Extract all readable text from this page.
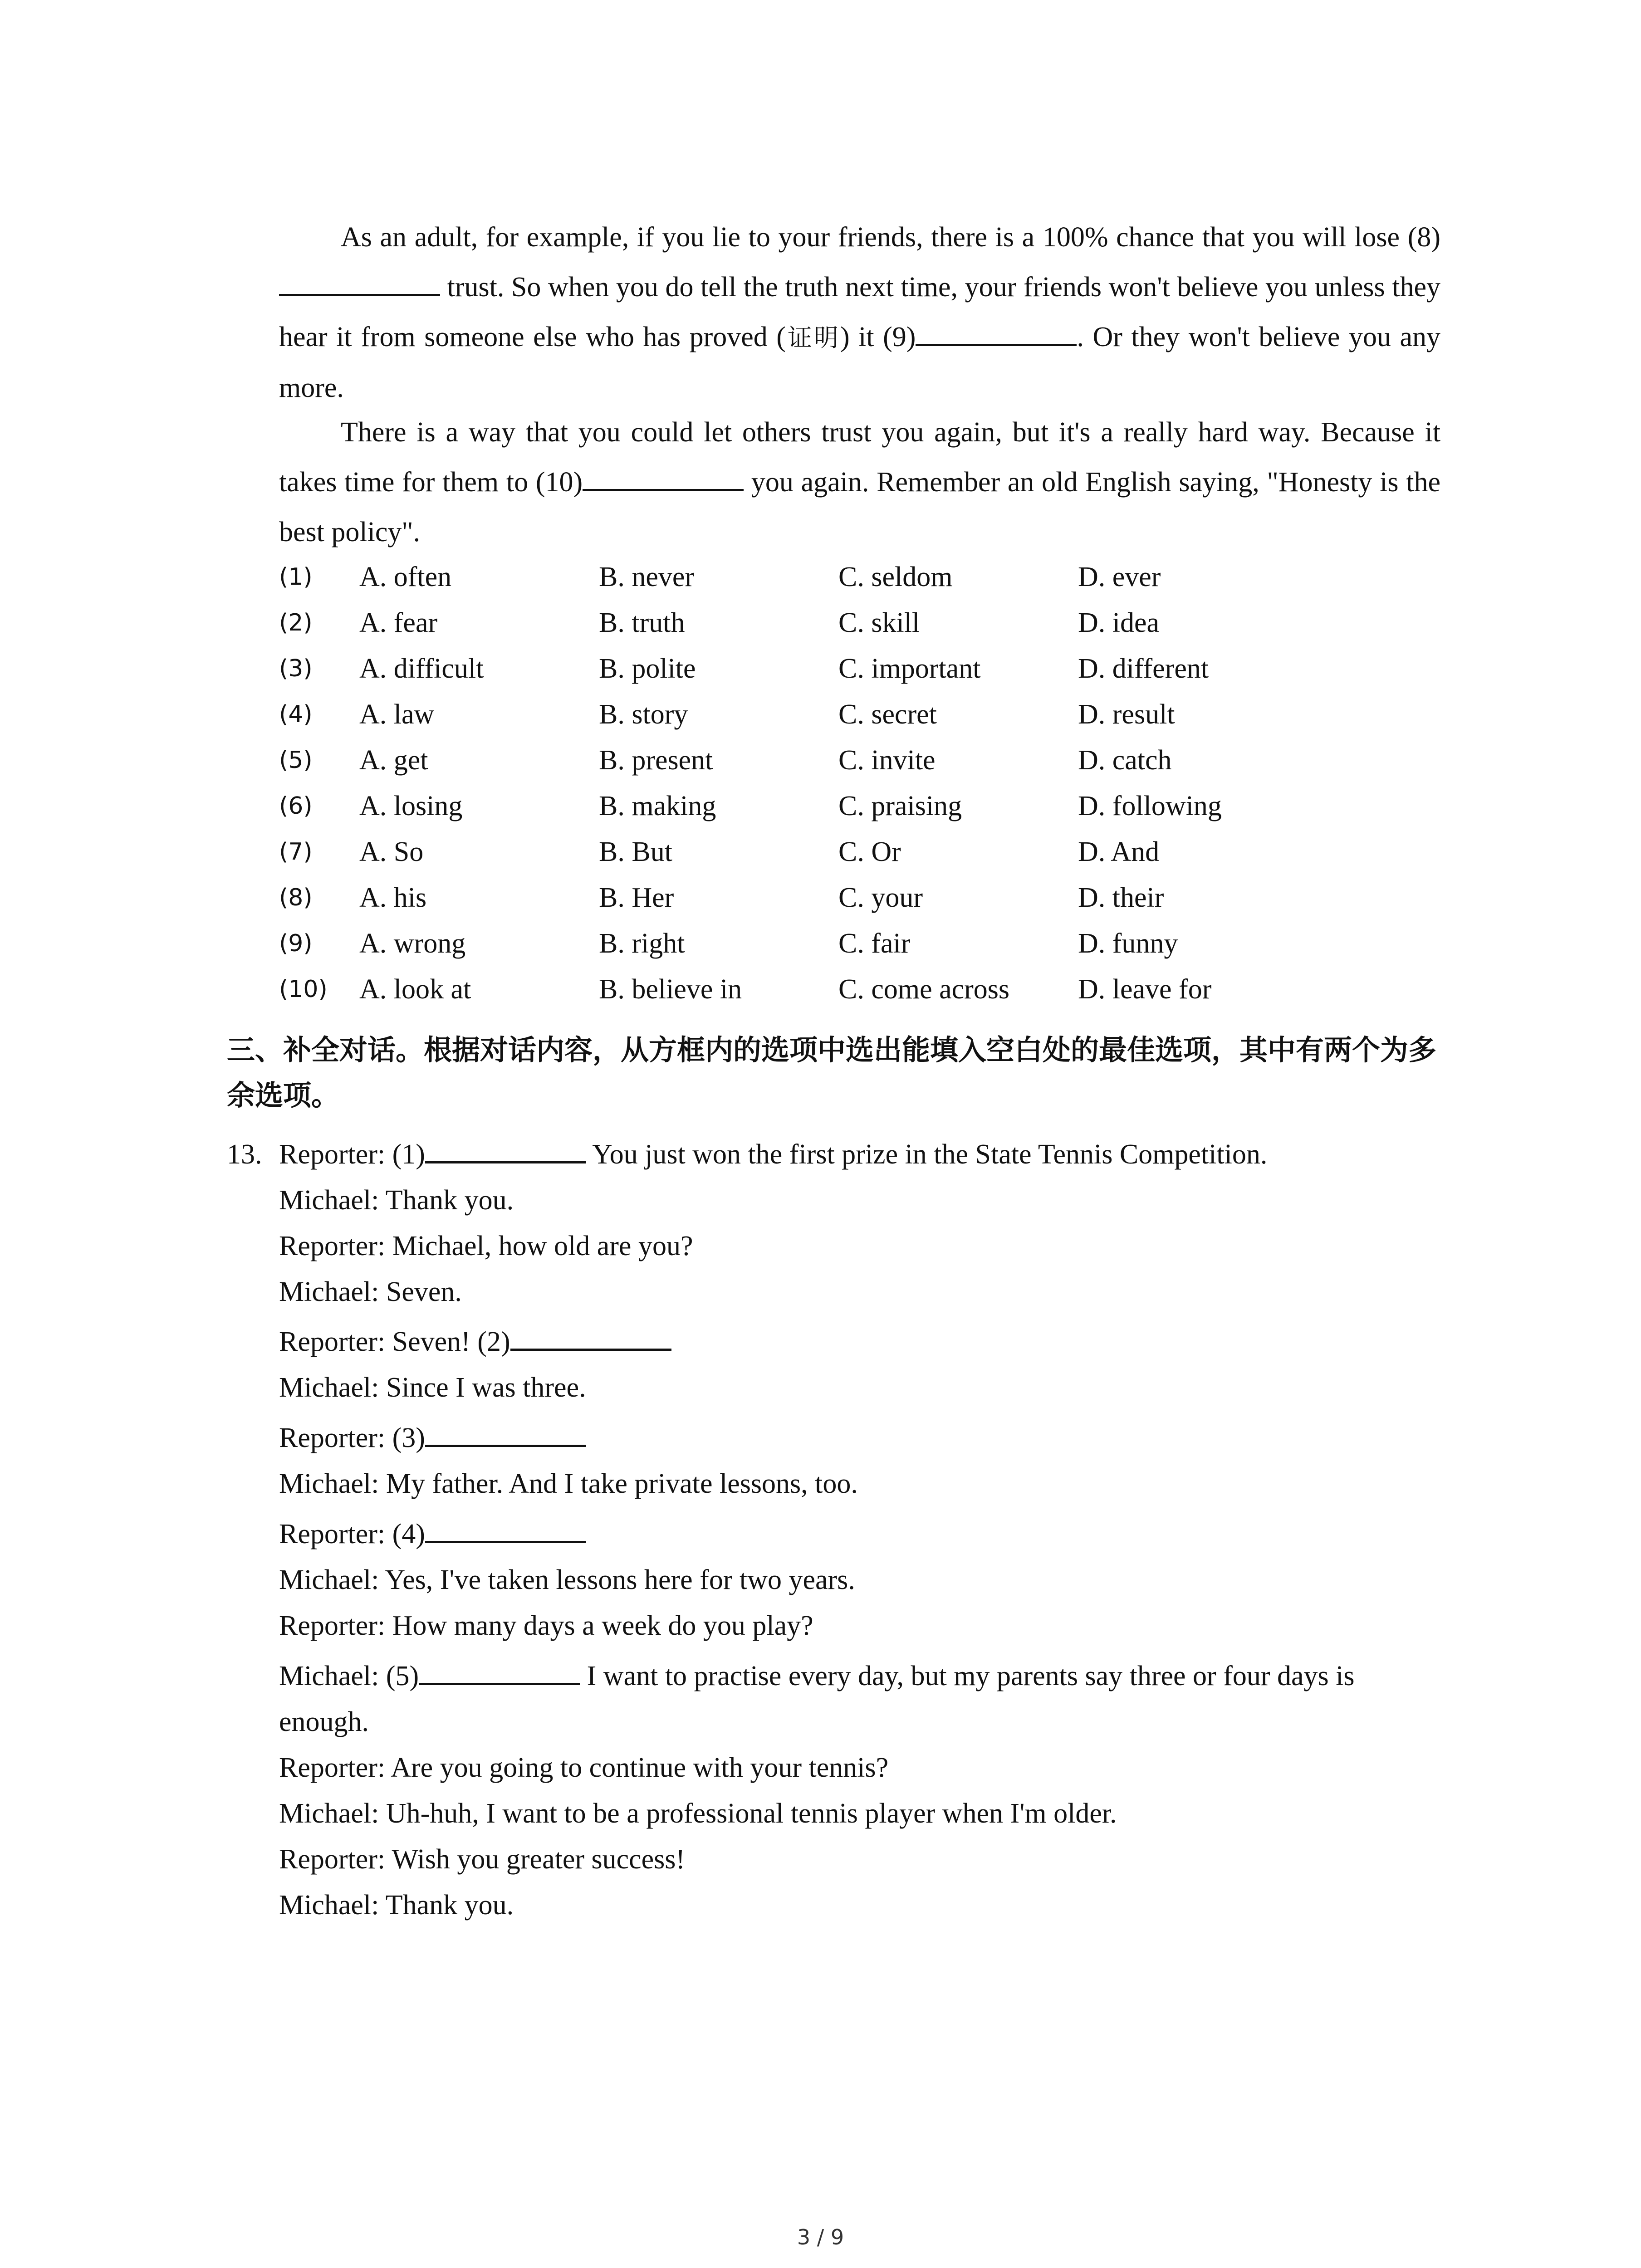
As an adult, for example, if you lie to your friends, there is a 100% chance that you will lose (8) trust. So when you do tell the truth next time, your friends won't believe you unless they hear it from someone else who has proved (证明) it (9)	. Or they won't believe you any more.
There is a way that you could let others trust you again, but it's a really hard way. Because it takes time for them to (10)	you again. Remember an old English saying, "Honesty is the best policy".
(1) A. often	B. never	C. seldom	D. ever
(2) A. fear	B. truth	C. skill	D. idea
(3) A. difficult	B. polite	C. important	D. different
(4) A. law	B. story	C. secret	D. result
(5) A. get	B. present	C. invite	D. catch
(6) A. losing	B. making	C. praising	D. following
(7) A. So	B. But	C. Or	D. And
(8) A. his	B. Her	C. your	D. their
(9) A. wrong	B. right	C. fair	D. funny
(10) A. look at	B. believe in	C. come across D. leave for
三、补全对话。根据对话内容，从方框内的选项中选出能填入空白处的最佳选项，其中有两个为多余选项。
13. Reporter: (1)	You just won the first prize in the State Tennis Competition.
Michael: Thank you.
Reporter: Michael, how old are you?
Michael: Seven.
Reporter: Seven! (2)
Michael: Since I was three.
Reporter: (3)
Michael: My father. And I take private lessons, too.
Reporter: (4)
Michael: Yes, I've taken lessons here for two years.
Reporter: How many days a week do you play?
Michael: (5)	I want to practise every day, but my parents say three or four days is
enough.
Reporter: Are you going to continue with your tennis?
Michael: Uh-huh, I want to be a professional tennis player when I'm older.
Reporter: Wish you greater success!
Michael: Thank you.
3 / 9
